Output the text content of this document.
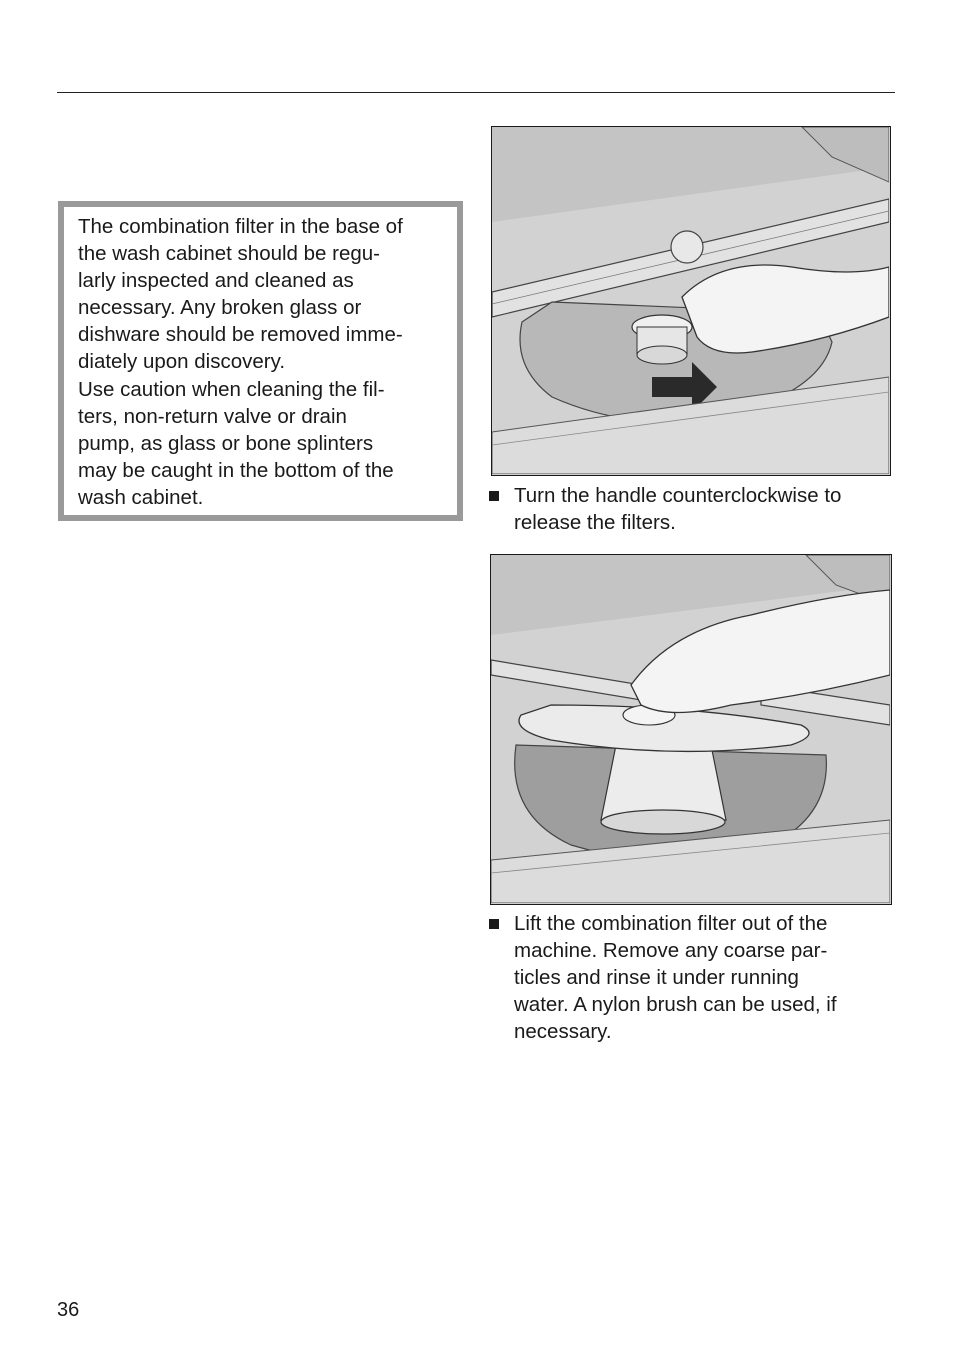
The combination filter in the base of
the wash cabinet should be regu-
larly inspected and cleaned as
necessary. Any broken glass or
dishware should be removed imme-
diately upon discovery.
Use caution when cleaning the fil-
ters, non-return valve or drain
pump, as glass or bone splinters
may be caught in the bottom of the
wash cabinet.	Turn the handle counterclockwise to
release the filters.
Lift the combination filter out of the
machine. Remove any coarse par-
ticles and rinse it under running
water. A nylon brush can be used, if
necessary.
36
